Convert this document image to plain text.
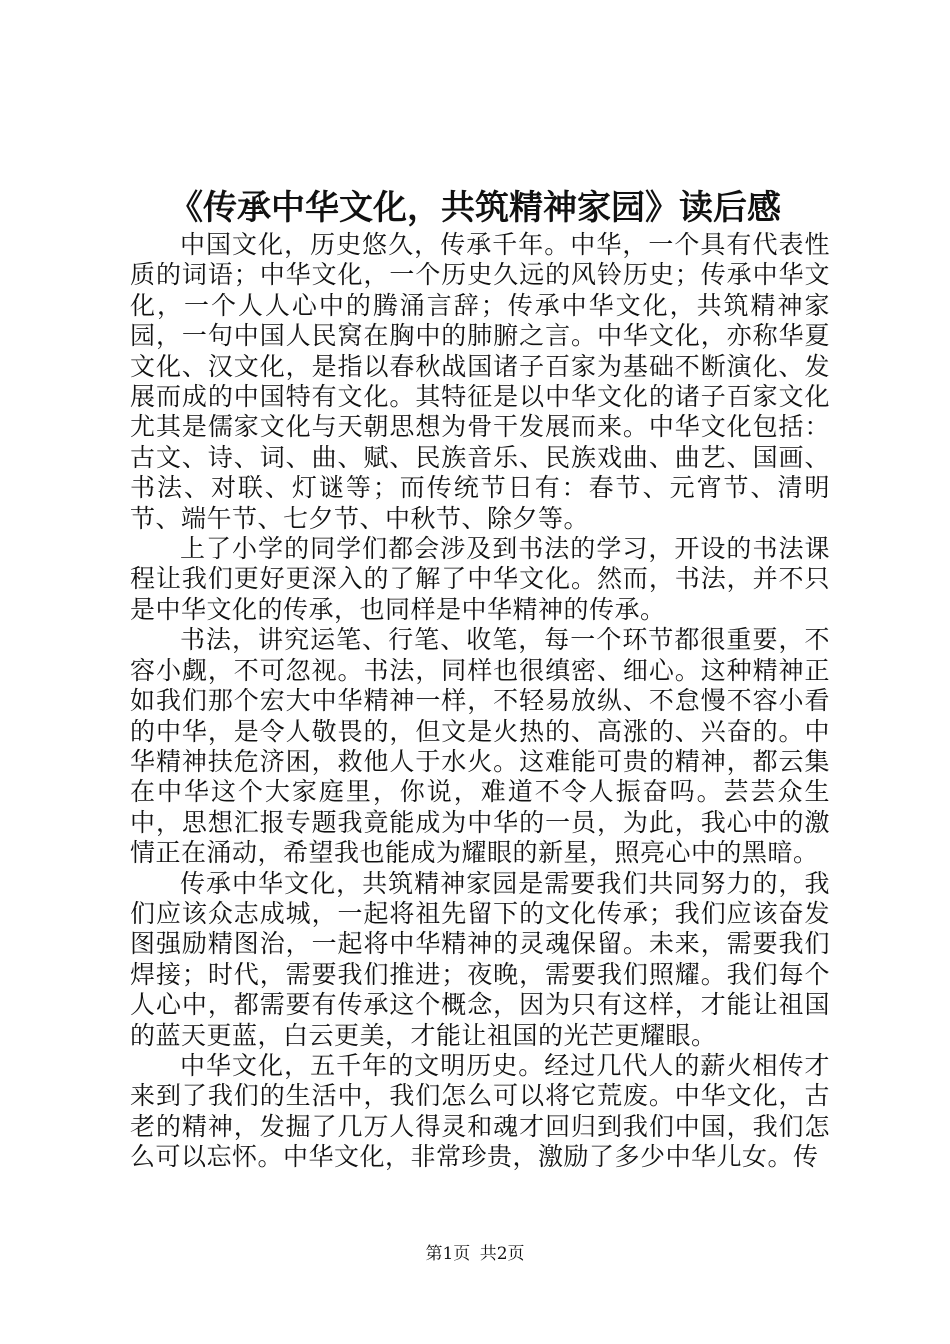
《传承中华文化，共筑精神家园》读后感

中国文化，历史悠久，传承千年。中华，一个具有代表性质的词语；中华文化，一个历史久远的风铃历史；传承中华文化，一个人人心中的腾涌言辞；传承中华文化，共筑精神家园，一句中国人民窝在胸中的肺腑之言。中华文化，亦称华夏文化、汉文化，是指以春秋战国诸子百家为基础不断演化、发展而成的中国特有文化。其特征是以中华文化的诸子百家文化尤其是儒家文化与天朝思想为骨干发展而来。中华文化包括：古文、诗、词、曲、赋、民族音乐、民族戏曲、曲艺、国画、书法、对联、灯谜等；而传统节日有：春节、元宵节、清明节、端午节、七夕节、中秋节、除夕等。

上了小学的同学们都会涉及到书法的学习，开设的书法课程让我们更好更深入的了解了中华文化。然而，书法，并不只是中华文化的传承，也同样是中华精神的传承。

书法，讲究运笔、行笔、收笔，每一个环节都很重要，不容小觑，不可忽视。书法，同样也很缜密、细心。这种精神正如我们那个宏大中华精神一样，不轻易放纵、不怠慢不容小看的中华，是令人敬畏的，但文是火热的、高涨的、兴奋的。中华精神扶危济困，救他人于水火。这难能可贵的精神，都云集在中华这个大家庭里，你说，难道不令人振奋吗。芸芸众生中，思想汇报专题我竟能成为中华的一员，为此，我心中的激情正在涌动，希望我也能成为耀眼的新星，照亮心中的黑暗。

传承中华文化，共筑精神家园是需要我们共同努力的，我们应该众志成城，一起将祖先留下的文化传承；我们应该奋发图强励精图治，一起将中华精神的灵魂保留。未来，需要我们焊接；时代，需要我们推进；夜晚，需要我们照耀。我们每个人心中，都需要有传承这个概念，因为只有这样，才能让祖国的蓝天更蓝，白云更美，才能让祖国的光芒更耀眼。

中华文化，五千年的文明历史。经过几代人的薪火相传才来到了我们的生活中，我们怎么可以将它荒废。中华文化，古老的精神，发掘了几万人得灵和魂才回归到我们中国，我们怎么可以忘怀。中华文化，非常珍贵，激励了多少中华儿女。传

第1页 共2页
